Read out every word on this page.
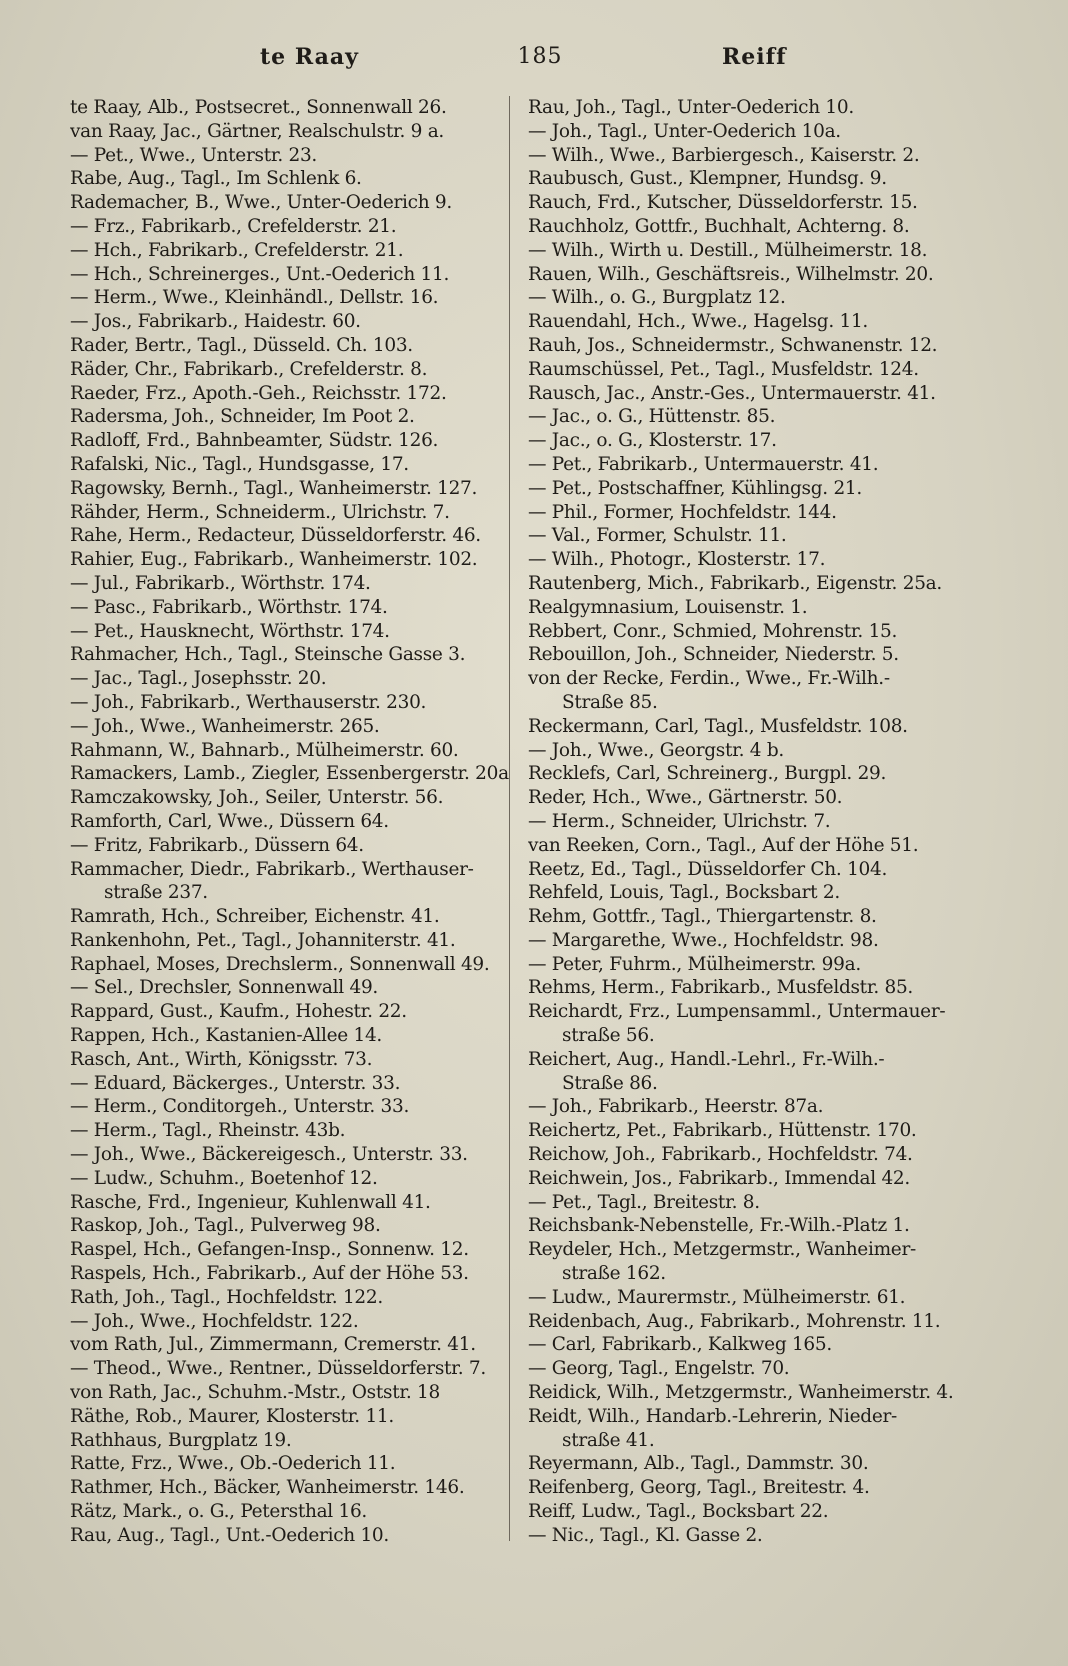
te Raay	185	Reiff
te Raay, Alb., Postsecret., Sonnenwall 26.
van Raay, Jac., Gärtner, Realschulstr. 9 a.
— Pet., Wwe., Unterstr. 23.
Rabe, Aug., Tagl., Im Schlenk 6.
Rademacher, B., Wwe., Unter-Oederich 9.
— Frz., Fabrikarb., Crefelderstr. 21.
— Hch., Fabrikarb., Crefelderstr. 21.
— Hch., Schreinerges., Unt.-Oederich 11.
— Herm., Wwe., Kleinhändl., Dellstr. 16.
— Jos., Fabrikarb., Haidestr. 60.
Rader, Bertr., Tagl., Düsseld. Ch. 103.
Räder, Chr., Fabrikarb., Crefelderstr. 8.
Raeder, Frz., Apoth.-Geh., Reichsstr. 172.
Radersma, Joh., Schneider, Im Poot 2.
Radloff, Frd., Bahnbeamter, Südstr. 126.
Rafalski, Nic., Tagl., Hundsgasse, 17.
Ragowsky, Bernh., Tagl., Wanheimerstr. 127.
Rähder, Herm., Schneiderm., Ulrichstr. 7.
Rahe, Herm., Redacteur, Düsseldorferstr. 46.
Rahier, Eug., Fabrikarb., Wanheimerstr. 102.
— Jul., Fabrikarb., Wörthstr. 174.
— Pasc., Fabrikarb., Wörthstr. 174.
— Pet., Hausknecht, Wörthstr. 174.
Rahmacher, Hch., Tagl., Steinsche Gasse 3.
— Jac., Tagl., Josephsstr. 20.
— Joh., Fabrikarb., Werthauserstr. 230.
— Joh., Wwe., Wanheimerstr. 265.
Rahmann, W., Bahnarb., Mülheimerstr. 60.
Ramackers, Lamb., Ziegler, Essenbergerstr. 20a
Ramczakowsky, Joh., Seiler, Unterstr. 56.
Ramforth, Carl, Wwe., Düssern 64.
— Fritz, Fabrikarb., Düssern 64.
Rammacher, Diedr., Fabrikarb., Werthauser-
straße 237.
Ramrath, Hch., Schreiber, Eichenstr. 41.
Rankenhohn, Pet., Tagl., Johanniterstr. 41.
Raphael, Moses, Drechslerm., Sonnenwall 49.
— Sel., Drechsler, Sonnenwall 49.
Rappard, Gust., Kaufm., Hohestr. 22.
Rappen, Hch., Kastanien-Allee 14.
Rasch, Ant., Wirth, Königsstr. 73.
— Eduard, Bäckerges., Unterstr. 33.
— Herm., Conditorgeh., Unterstr. 33.
— Herm., Tagl., Rheinstr. 43b.
— Joh., Wwe., Bäckereigesch., Unterstr. 33.
— Ludw., Schuhm., Boetenhof 12.
Rasche, Frd., Ingenieur, Kuhlenwall 41.
Raskop, Joh., Tagl., Pulverweg 98.
Raspel, Hch., Gefangen-Insp., Sonnenw. 12.
Raspels, Hch., Fabrikarb., Auf der Höhe 53.
Rath, Joh., Tagl., Hochfeldstr. 122.
— Joh., Wwe., Hochfeldstr. 122.
vom Rath, Jul., Zimmermann, Cremerstr. 41.
— Theod., Wwe., Rentner., Düsseldorferstr. 7.
von Rath, Jac., Schuhm.-Mstr., Oststr. 18
Räthe, Rob., Maurer, Klosterstr. 11.
Rathhaus, Burgplatz 19.
Ratte, Frz., Wwe., Ob.-Oederich 11.
Rathmer, Hch., Bäcker, Wanheimerstr. 146.
Rätz, Mark., o. G., Petersthal 16.
Rau, Aug., Tagl., Unt.-Oederich 10.
Rau, Joh., Tagl., Unter-Oederich 10.
— Joh., Tagl., Unter-Oederich 10a.
— Wilh., Wwe., Barbiergesch., Kaiserstr. 2.
Raubusch, Gust., Klempner, Hundsg. 9.
Rauch, Frd., Kutscher, Düsseldorferstr. 15.
Rauchholz, Gottfr., Buchhalt, Achterng. 8.
— Wilh., Wirth u. Destill., Mülheimerstr. 18.
Rauen, Wilh., Geschäftsreis., Wilhelmstr. 20.
— Wilh., o. G., Burgplatz 12.
Rauendahl, Hch., Wwe., Hagelsg. 11.
Rauh, Jos., Schneidermstr., Schwanenstr. 12.
Raumschüssel, Pet., Tagl., Musfeldstr. 124.
Rausch, Jac., Anstr.-Ges., Untermauerstr. 41.
— Jac., o. G., Hüttenstr. 85.
— Jac., o. G., Klosterstr. 17.
— Pet., Fabrikarb., Untermauerstr. 41.
— Pet., Postschaffner, Kühlingsg. 21.
— Phil., Former, Hochfeldstr. 144.
— Val., Former, Schulstr. 11.
— Wilh., Photogr., Klosterstr. 17.
Rautenberg, Mich., Fabrikarb., Eigenstr. 25a.
Realgymnasium, Louisenstr. 1.
Rebbert, Conr., Schmied, Mohrenstr. 15.
Rebouillon, Joh., Schneider, Niederstr. 5.
von der Recke, Ferdin., Wwe., Fr.-Wilh.-
Straße 85.
Reckermann, Carl, Tagl., Musfeldstr. 108.
— Joh., Wwe., Georgstr. 4 b.
Recklefs, Carl, Schreinerg., Burgpl. 29.
Reder, Hch., Wwe., Gärtnerstr. 50.
— Herm., Schneider, Ulrichstr. 7.
van Reeken, Corn., Tagl., Auf der Höhe 51.
Reetz, Ed., Tagl., Düsseldorfer Ch. 104.
Rehfeld, Louis, Tagl., Bocksbart 2.
Rehm, Gottfr., Tagl., Thiergartenstr. 8.
— Margarethe, Wwe., Hochfeldstr. 98.
— Peter, Fuhrm., Mülheimerstr. 99a.
Rehms, Herm., Fabrikarb., Musfeldstr. 85.
Reichardt, Frz., Lumpensamml., Untermauer-
straße 56.
Reichert, Aug., Handl.-Lehrl., Fr.-Wilh.-
Straße 86.
— Joh., Fabrikarb., Heerstr. 87a.
Reichertz, Pet., Fabrikarb., Hüttenstr. 170.
Reichow, Joh., Fabrikarb., Hochfeldstr. 74.
Reichwein, Jos., Fabrikarb., Immendal 42.
— Pet., Tagl., Breitestr. 8.
Reichsbank-Nebenstelle, Fr.-Wilh.-Platz 1.
Reydeler, Hch., Metzgermstr., Wanheimer-
straße 162.
— Ludw., Maurermstr., Mülheimerstr. 61.
Reidenbach, Aug., Fabrikarb., Mohrenstr. 11.
— Carl, Fabrikarb., Kalkweg 165.
— Georg, Tagl., Engelstr. 70.
Reidick, Wilh., Metzgermstr., Wanheimerstr. 4.
Reidt, Wilh., Handarb.-Lehrerin, Nieder-
straße 41.
Reyermann, Alb., Tagl., Dammstr. 30.
Reifenberg, Georg, Tagl., Breitestr. 4.
Reiff, Ludw., Tagl., Bocksbart 22.
— Nic., Tagl., Kl. Gasse 2.
